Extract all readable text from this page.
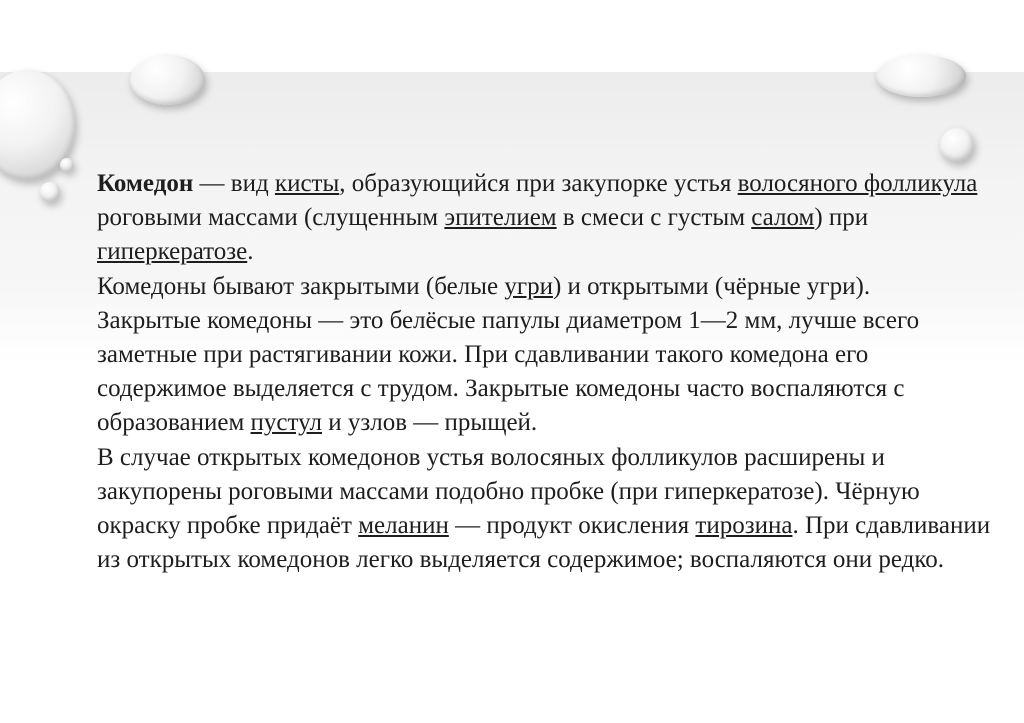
Комедон — вид кисты, образующийся при закупорке устья волосяного фолликула роговыми массами (слущенным эпителием в смеси с густым салом) при гиперкератозе.

Комедоны бывают закрытыми (белые угри) и открытыми (чёрные угри).

Закрытые комедоны — это белёсые папулы диаметром 1—2 мм, лучше всего заметные при растягивании кожи. При сдавливании такого комедона его содержимое выделяется с трудом. Закрытые комедоны часто воспаляются с образованием пустул и узлов — прыщей.

В случае открытых комедонов устья волосяных фолликулов расширены и закупорены роговыми массами подобно пробке (при гиперкератозе). Чёрную окраску пробке придаёт меланин — продукт окисления тирозина. При сдавливании из открытых комедонов легко выделяется содержимое; воспаляются они редко.
